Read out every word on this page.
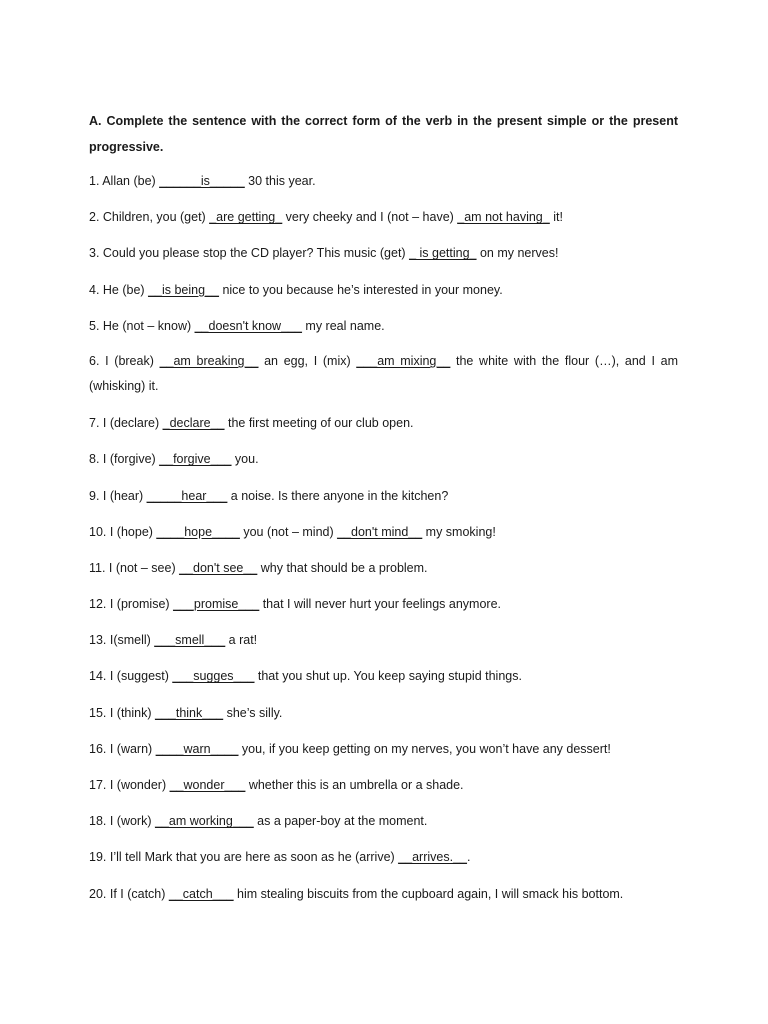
A. Complete the sentence with the correct form of the verb in the present simple or the present progressive.

1. Allan (be) ______is_____ 30 this year.

2. Children, you (get) _are getting_ very cheeky and I (not – have) _am not having_ it!

3. Could you please stop the CD player? This music (get) _ is getting_ on my nerves!

4. He (be) __is being__ nice to you because he’s interested in your money.

5. He (not – know) __doesn't know___ my real name.

6. I (break) __am breaking__ an egg, I (mix) ___am mixing__ the white with the flour (…), and I am (whisking) it.

7. I (declare) _declare__ the first meeting of our club open.

8. I (forgive) __forgive___ you.

9. I (hear) _____hear___ a noise. Is there anyone in the kitchen?

10. I (hope) ____hope____ you (not – mind) __don't mind__ my smoking!

11. I (not – see) __don't see__ why that should be a problem.

12. I (promise) ___promise___ that I will never hurt your feelings anymore.

13. I(smell) ___smell___ a rat!

14. I (suggest) ___sugges___ that you shut up. You keep saying stupid things.

15. I (think) ___think___ she’s silly.

16. I (warn) ____warn____ you, if you keep getting on my nerves, you won’t have any dessert!

17. I (wonder) __wonder___ whether this is an umbrella or a shade.

18. I (work) __am working___ as a paper-boy at the moment.

19. I’ll tell Mark that you are here as soon as he (arrive) __arrives.__.

20. If I (catch) __catch___ him stealing biscuits from the cupboard again, I will smack his bottom.
